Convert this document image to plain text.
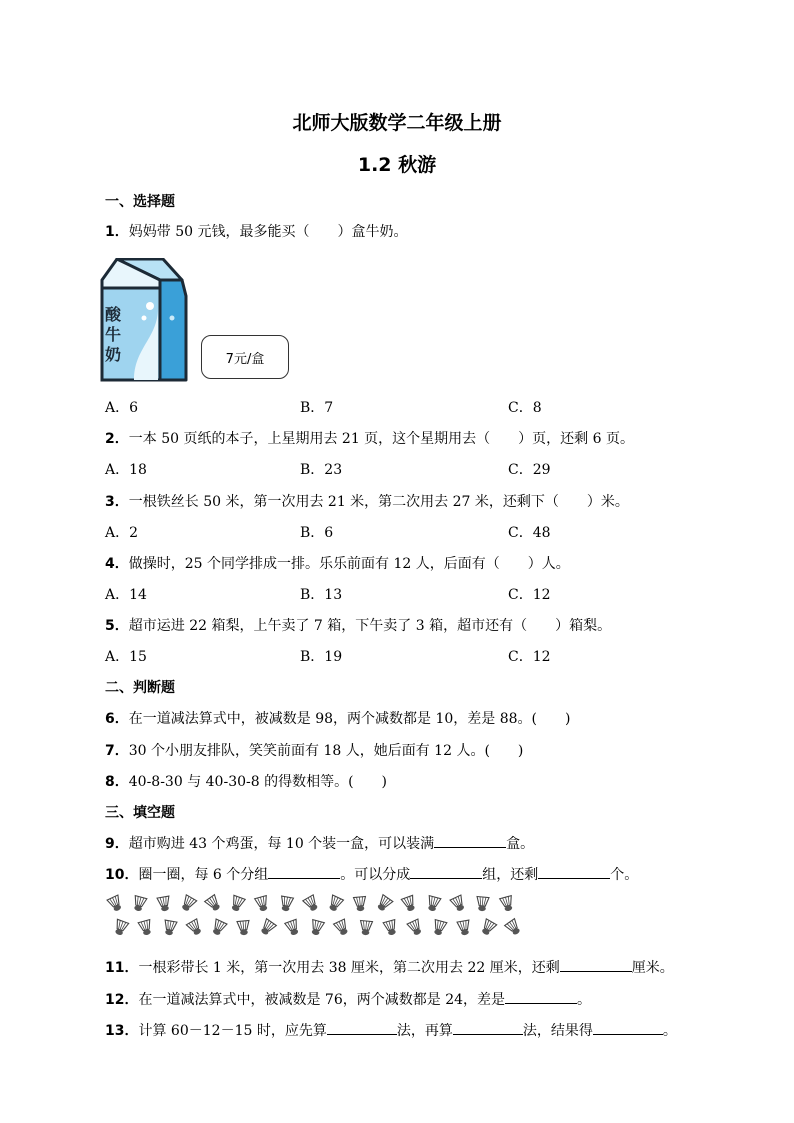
北师大版数学二年级上册
1.2 秋游
一、选择题
1．妈妈带 50 元钱，最多能买（　　）盒牛奶。
酸
牛
奶	7元/盒
A．6	B．7	C．8
2．一本 50 页纸的本子，上星期用去 21 页，这个星期用去（　　）页，还剩 6 页。
A．18	B．23	C．29
3．一根铁丝长 50 米，第一次用去 21 米，第二次用去 27 米，还剩下（　　）米。
A．2	B．6	C．48
4．做操时，25 个同学排成一排。乐乐前面有 12 人，后面有（　　）人。
A．14	B．13	C．12
5．超市运进 22 箱梨，上午卖了 7 箱，下午卖了 3 箱，超市还有（　　）箱梨。
A．15	B．19	C．12
二、判断题
6．在一道减法算式中，被减数是 98，两个减数都是 10，差是 88。(　　)
7．30 个小朋友排队，笑笑前面有 18 人，她后面有 12 人。(　　)
8．40-8-30 与 40-30-8 的得数相等。(　　)
三、填空题
9．超市购进 43 个鸡蛋，每 10 个装一盒，可以装满	盒。
10．圈一圈，每 6 个分组	。可以分成	组，还剩	个。
11．一根彩带长 1 米，第一次用去 38 厘米，第二次用去 22 厘米，还剩	厘米。
12．在一道减法算式中，被减数是 76，两个减数都是 24，差是	。
13．计算 60－12－15 时，应先算	法，再算	法，结果得	。
